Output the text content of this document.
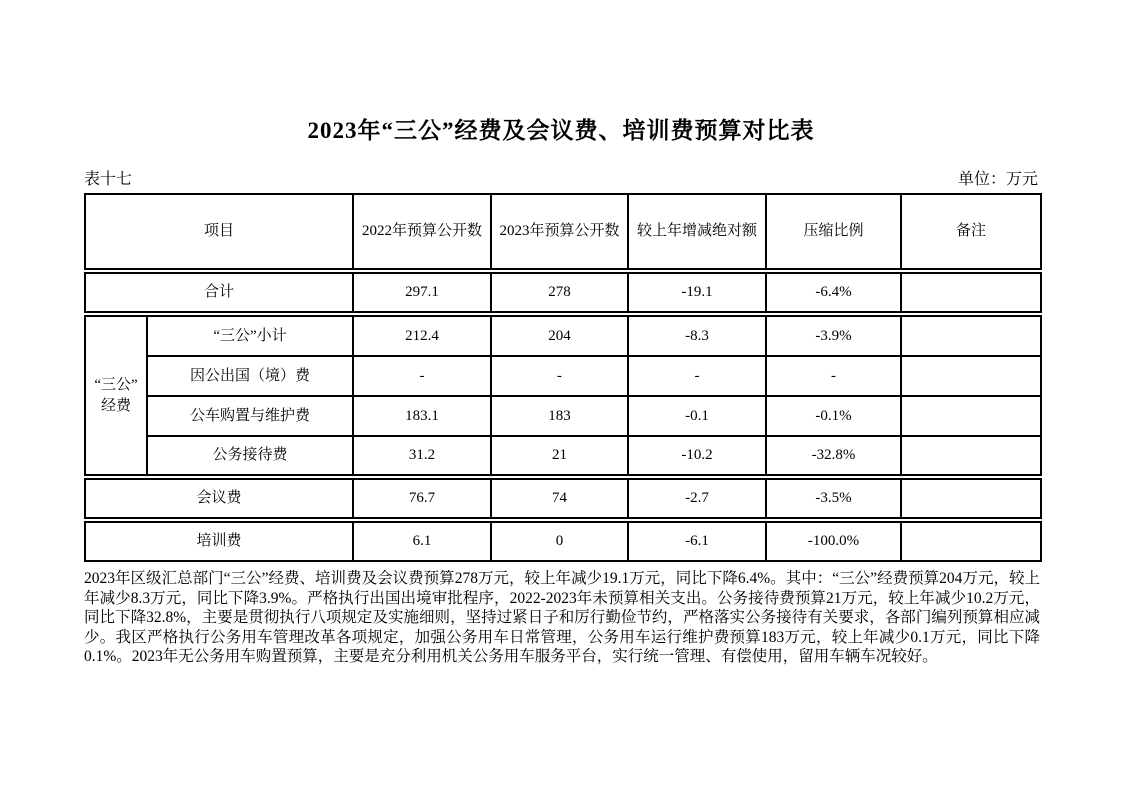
2023年“三公”经费及会议费、培训费预算对比表
表十七	单位：万元
项目	2022年预算公开数	2023年预算公开数	较上年增减绝对额	压缩比例	备注
合计	297.1	278	-19.1	-6.4%
“三公”经费
“三公”小计	212.4	204	-8.3	-3.9%
因公出国（境）费	-	-	-	-
公车购置与维护费	183.1	183	-0.1	-0.1%
公务接待费	31.2	21	-10.2	-32.8%
会议费	76.7	74	-2.7	-3.5%
培训费	6.1	0	-6.1	-100.0%

2023年区级汇总部门“三公”经费、培训费及会议费预算278万元，较上年减少19.1万元，同比下降6.4%。其中：“三公”经费预算204万元，较上年减少8.3万元，同比下降3.9%。严格执行出国出境审批程序，2022-2023年未预算相关支出。公务接待费预算21万元，较上年减少10.2万元，同比下降32.8%，主要是贯彻执行八项规定及实施细则，坚持过紧日子和厉行勤俭节约，严格落实公务接待有关要求，各部门编列预算相应减少。我区严格执行公务用车管理改革各项规定，加强公务用车日常管理，公务用车运行维护费预算183万元，较上年减少0.1万元，同比下降0.1%。2023年无公务用车购置预算，主要是充分利用机关公务用车服务平台，实行统一管理、有偿使用，留用车辆车况较好。
